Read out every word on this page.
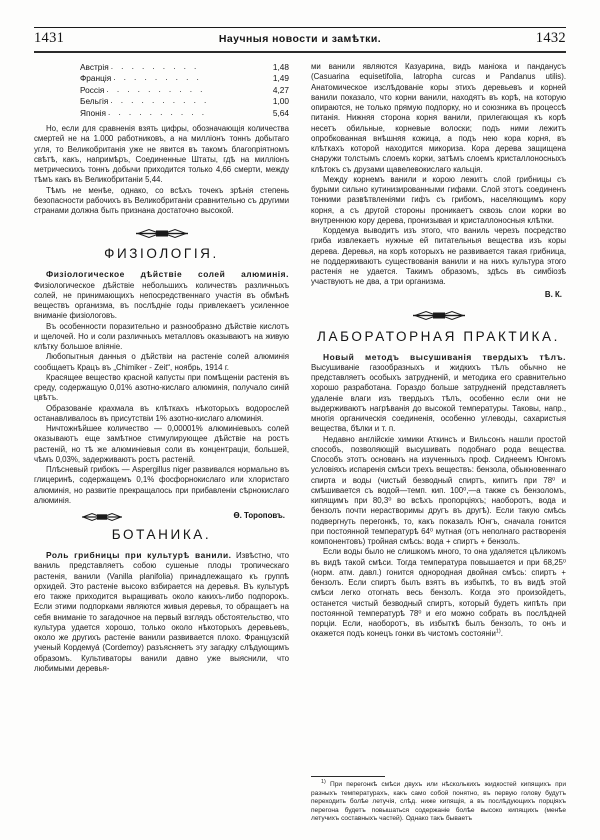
1431	Научныя новости и замѣтки.	1432
Австрія . . . . . . . . .	1,48
Франція . . . . . . . . .	1,49
Россія . . . . . . . . . .	4,27
Бельгія . . . . . . . . . .	1,00
Японія . . . . . . . . . .	5,64

Но, если для сравненія взять цифры, обозначающія количества смертей не на 1.000 работниковъ, а на милліонъ тоннъ добытаго угля, то Великобританія уже не явится въ такомъ благопріятномъ свѣтѣ, какъ, напримѣръ, Соединенные Штаты, гдѣ на милліонъ метрическихъ тоннъ добычи приходится только 4,66 смерти, между тѣмъ какъ въ Великобританіи 5,44.

Тѣмъ не менѣе, однако, со всѣхъ точекъ зрѣнія степень безопасности рабочихъ въ Великобританіи сравнительно съ другими странами должна быть признана достаточно высокой.

ФИЗІОЛОГІЯ.

Физіологическое дѣйствіе солей алюминія. Физіологическое дѣйствіе небольшихъ количествъ различныхъ солей, не принимающихъ непосредственнаго участія въ обмѣнѣ веществъ организма, въ послѣдніе годы привлекаетъ усиленное вниманіе физіологовъ.

Въ особенности поразительно и разнообразно дѣйствіе кислотъ и щелочей. Но и соли различныхъ металловъ оказываютъ на живую клѣтку большое вліяніе.

Любопытныя данныя о дѣйствіи на растеніе солей алюминія сообщаетъ Крацъ въ „Chimiker - Zeit“, ноябрь, 1914 г.

Красящее вещество красной капусты при помѣщеніи растенія въ среду, содержащую 0,01% азотно-кислаго алюминія, получало синій цвѣтъ.

Образованіе крахмала въ клѣткахъ нѣкоторыхъ водорослей останавливалось въ присутствіи 1% азотно-кислаго алюминія.

Ничтожнѣйшее количество — 0,00001% алюминіевыхъ солей оказываютъ еще замѣтное стимулирующее дѣйствіе на ростъ растеній, но тѣ же алюминіевыя соли въ концентраціи, большей, чѣмъ 0,03%, задерживаютъ ростъ растеній.

Плѣсневый грибокъ — Aspergillus niger развивался нормально въ глицеринѣ, содержащемъ 0,1% фосфорнокислаго или хлористаго алюминія, но развитіе прекращалось при прибавленіи сѣрнокислаго алюминія.

Ѳ. Тороповъ.
БОТАНИКА.

Роль грибницы при культурѣ ванили. Извѣстно, что ваниль представляетъ собою сушеные плоды тропическаго растенія, ванили (Vanilla planifolia) принадлежащаго къ группѣ орхидей. Это растеніе высоко взбирается на деревья. Въ культурѣ его также приходится выращивать около какихъ-либо подпорокъ. Если этими подпорками являются живыя деревья, то обращаетъ на себя вниманіе то загадочное на первый взглядъ обстоятельство, что культура удается хорошо, только около нѣкоторыхъ деревьевъ, около же другихъ растеніе ванили развивается плохо. Французскій ученый Кордемуá (Cordemoy) разъясняетъ эту загадку слѣдующимъ образомъ. Культиваторы ванили давно уже выяснили, что любимыми деревья-

ми ванили являются Казуарина, видъ маніока и панданусъ (Casuarina equisetifolia, Iatropha curcas и Pandanus utilis). Анатомическое изслѣдованіе коры этихъ деревьевъ и корней ванили показало, что корни ванили, находятъ въ корѣ, на которую опираются, не только прямую подпорку, но и союзника въ процессѣ питанія. Нижняя сторона корня ванили, прилегающая къ корѣ несетъ обильные, корневые волоски; подъ ними лежитъ опробкованная внѣшняя кожица, а подъ нею кора корня, въ клѣткахъ которой находится микориза. Кора дерева защищена снаружи толстымъ слоемъ корки, затѣмъ слоемъ кристаллоносныхъ клѣтокъ съ друзами щавелевокислаго кальція.

Между корнемъ ванили и корою лежитъ слой грибницы съ бурыми сильно кутинизированными гифами. Слой этотъ соединенъ тонкими развѣтвленіями гифъ съ грибомъ, населяющимъ кору корня, а съ другой стороны проникаетъ сквозь слои корки во внутреннюю кору дерева, пронизывая и кристаллоносныя клѣтки.

Кордемуа выводитъ изъ этого, что ваниль черезъ посредство гриба извлекаетъ нужные ей питательныя вещества изъ коры дерева. Деревья, на корѣ которыхъ не развивается такая грибница, не поддерживаютъ существованія ванили и на нихъ культура этого растенія не удается. Такимъ образомъ, здѣсь въ симбіозѣ участвуютъ не два, а три организма.

В. К.
ЛАБОРАТОРНАЯ ПРАКТИКА.

Новый методъ высушиванія твердыхъ тѣлъ. Высушиваніе газообразныхъ и жидкихъ тѣлъ обычно не представляетъ особыхъ затрудненій, и методика его сравнительно хорошо разработана. Гораздо больше затрудненій представляетъ удаленіе влаги изъ твердыхъ тѣлъ, особенно если они не выдерживаютъ нагрѣванія до высокой температуры. Таковы, напр., многія органическія соединенія, особенно углеводы, сахаристыя вещества, бѣлки и т. п.

Недавно англійскіе химики Аткинсъ и Вильсонъ нашли простой способъ, позволяющій высушивать подобнаго рода вещества. Способъ этотъ основанъ на изученныхъ проф. Сиднеемъ Юнгомъ условіяхъ испаренія смѣси трехъ веществъ: бензола, обыкновеннаго спирта и воды (чистый безводный спиртъ, кипитъ при 78⁰ и смѣшивается съ водой—темп. кип. 100⁰,—а также съ бензоломъ, кипящимъ при 80,3⁰ во всѣхъ пропорціяхъ; наоборотъ, вода и бензолъ почти нерастворимы другъ въ другѣ). Если такую смѣсь подвергнуть перегонкѣ, то, какъ показалъ Юнгъ, сначала гонится при постоянной температурѣ 64⁰ мутная (отъ неполнаго растворенія компонентовъ) тройная смѣсь: вода + спиртъ + бензолъ.

Если воды было не слишкомъ много, то она удаляется цѣликомъ въ видѣ такой смѣси. Тогда температура повышается и при 68,25⁰ (норм. атм. давл.) гонится однородная двойная смѣсь: спиртъ + бензолъ. Если спиртъ былъ взятъ въ избыткѣ, то въ видѣ этой смѣси легко отогнать весь бензолъ. Когда это произойдетъ, останется чистый безводный спиртъ, который будетъ кипѣть при постоянной температурѣ 78⁰ и его можно собрать въ послѣдней порціи. Если, наоборотъ, въ избыткѣ былъ бензолъ, то онъ и окажется подъ конецъ гонки въ чистомъ состояніи$^{1)}$.

$^{1)}$ При перегонкѣ смѣси двухъ или нѣсколькихъ жидкостей кипящихъ при разныхъ температурахъ, какъ само собой понятно, въ первую голову будутъ переходить болѣе летучія, слѣд. ниже кипящія, а въ послѣдующихъ порціяхъ перегона будетъ повышаться содержаніе болѣе высоко кипящихъ (менѣе летучихъ составныхъ частей). Однако такъ бываетъ
